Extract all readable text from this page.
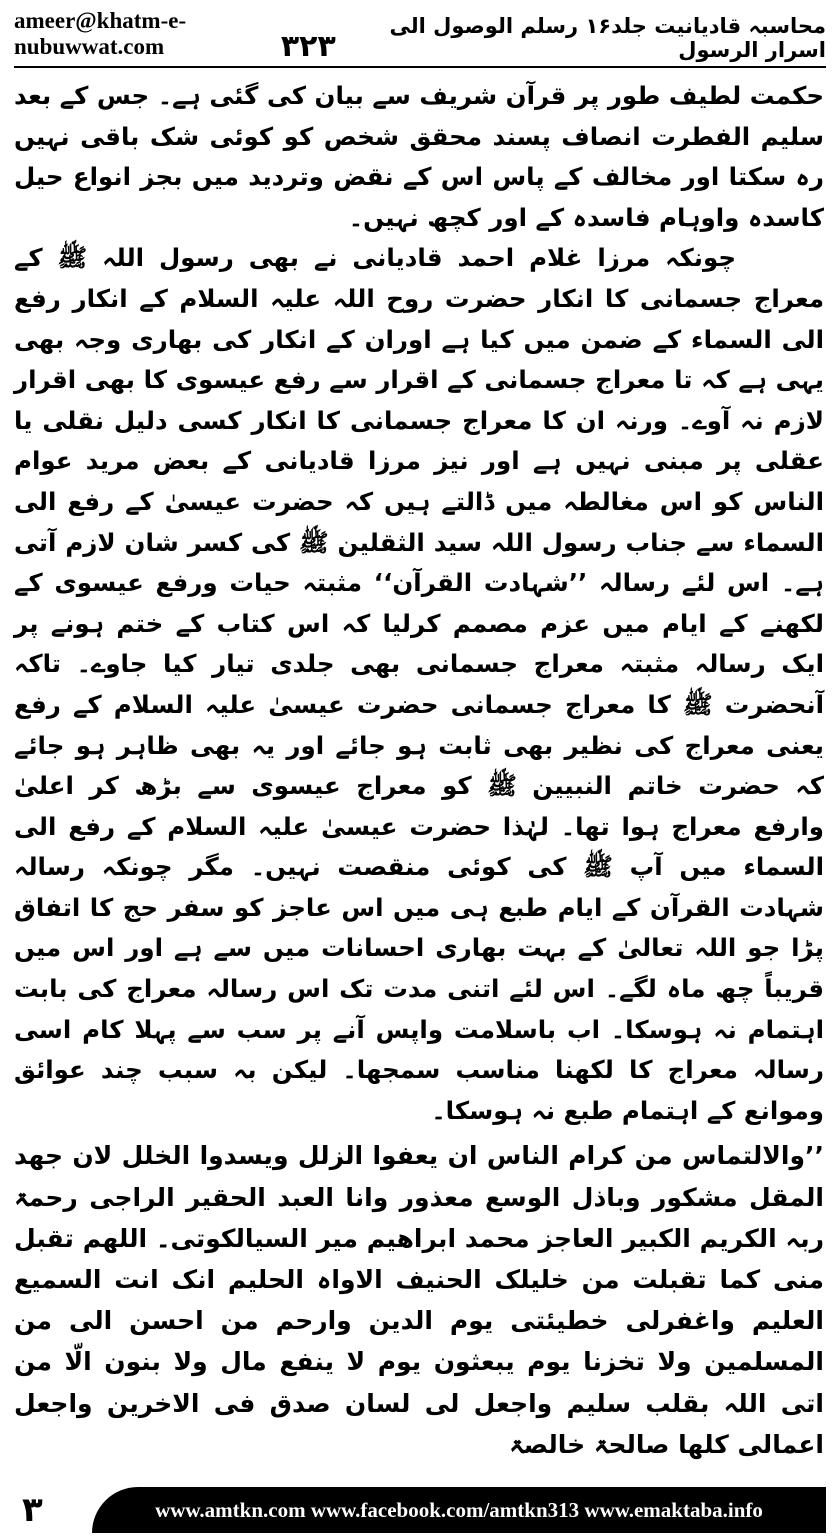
ameer@khatm-e-nubuwwat.com
محاسبہ قادیانیت جلد۱۶ رسلم الوصول الی اسرار الرسول
۳۲۳

حکمت لطیف طور پر قرآن شریف سے بیان کی گئی ہے۔ جس کے بعد سلیم الفطرت انصاف پسند محقق شخص کو کوئی شک باقی نہیں رہ سکتا اور مخالف کے پاس اس کے نقض وتردید میں بجز انواع حیل کاسدہ واوہام فاسدہ کے اور کچھ نہیں۔

چونکہ مرزا غلام احمد قادیانی نے بھی رسول اللہ ﷺ کے معراج جسمانی کا انکار حضرت روح اللہ علیہ السلام کے انکار رفع الی السماء کے ضمن میں کیا ہے اوران کے انکار کی بھاری وجہ بھی یہی ہے کہ تا معراج جسمانی کے اقرار سے رفع عیسوی کا بھی اقرار لازم نہ آوے۔ ورنہ ان کا معراج جسمانی کا انکار کسی دلیل نقلی یا عقلی پر مبنی نہیں ہے اور نیز مرزا قادیانی کے بعض مرید عوام الناس کو اس مغالطہ میں ڈالتے ہیں کہ حضرت عیسیٰ کے رفع الی السماء سے جناب رسول اللہ سید الثقلین ﷺ کی کسر شان لازم آتی ہے۔ اس لئے رسالہ ’’شہادت القرآن‘‘ مثبتہ حیات ورفع عیسوی کے لکھنے کے ایام میں عزم مصمم کرلیا کہ اس کتاب کے ختم ہونے پر ایک رسالہ مثبتہ معراج جسمانی بھی جلدی تیار کیا جاوے۔ تاکہ آنحضرت ﷺ کا معراج جسمانی حضرت عیسیٰ علیہ السلام کے رفع یعنی معراج کی نظیر بھی ثابت ہو جائے اور یہ بھی ظاہر ہو جائے کہ حضرت خاتم النبیین ﷺ کو معراج عیسوی سے بڑھ کر اعلیٰ وارفع معراج ہوا تھا۔ لہٰذا حضرت عیسیٰ علیہ السلام کے رفع الی السماء میں آپ ﷺ کی کوئی منقصت نہیں۔ مگر چونکہ رسالہ شہادت القرآن کے ایام طبع ہی میں اس عاجز کو سفر حج کا اتفاق پڑا جو اللہ تعالیٰ کے بہت بھاری احسانات میں سے ہے اور اس میں قریباً چھ ماہ لگے۔ اس لئے اتنی مدت تک اس رسالہ معراج کی بابت اہتمام نہ ہوسکا۔ اب باسلامت واپس آنے پر سب سے پہلا کام اسی رسالہ معراج کا لکھنا مناسب سمجھا۔ لیکن بہ سبب چند عوائق وموانع کے اہتمام طبع نہ ہوسکا۔

’’والالتماس من کرام الناس ان یعفوا الزلل ویسدوا الخلل لان جھد المقل مشکور وباذل الوسع معذور وانا العبد الحقیر الراجی رحمۃ ربہ الکریم الکبیر العاجز محمد ابراھیم میر السیالکوتی۔ اللھم تقبل منی کما تقبلت من خلیلک الحنیف الاواہ الحلیم انک انت السمیع العلیم واغفرلی خطیئتی یوم الدین وارحم من احسن الی من المسلمین ولا تخزنا یوم یبعثون یوم لا ینفع مال ولا بنون الّا من اتی اللہ بقلب سلیم واجعل لی لسان صدق فی الاخرین واجعل اعمالی کلھا صالحۃ خالصۃ
۳	www.amtkn.com www.facebook.com/amtkn313 www.emaktaba.info
